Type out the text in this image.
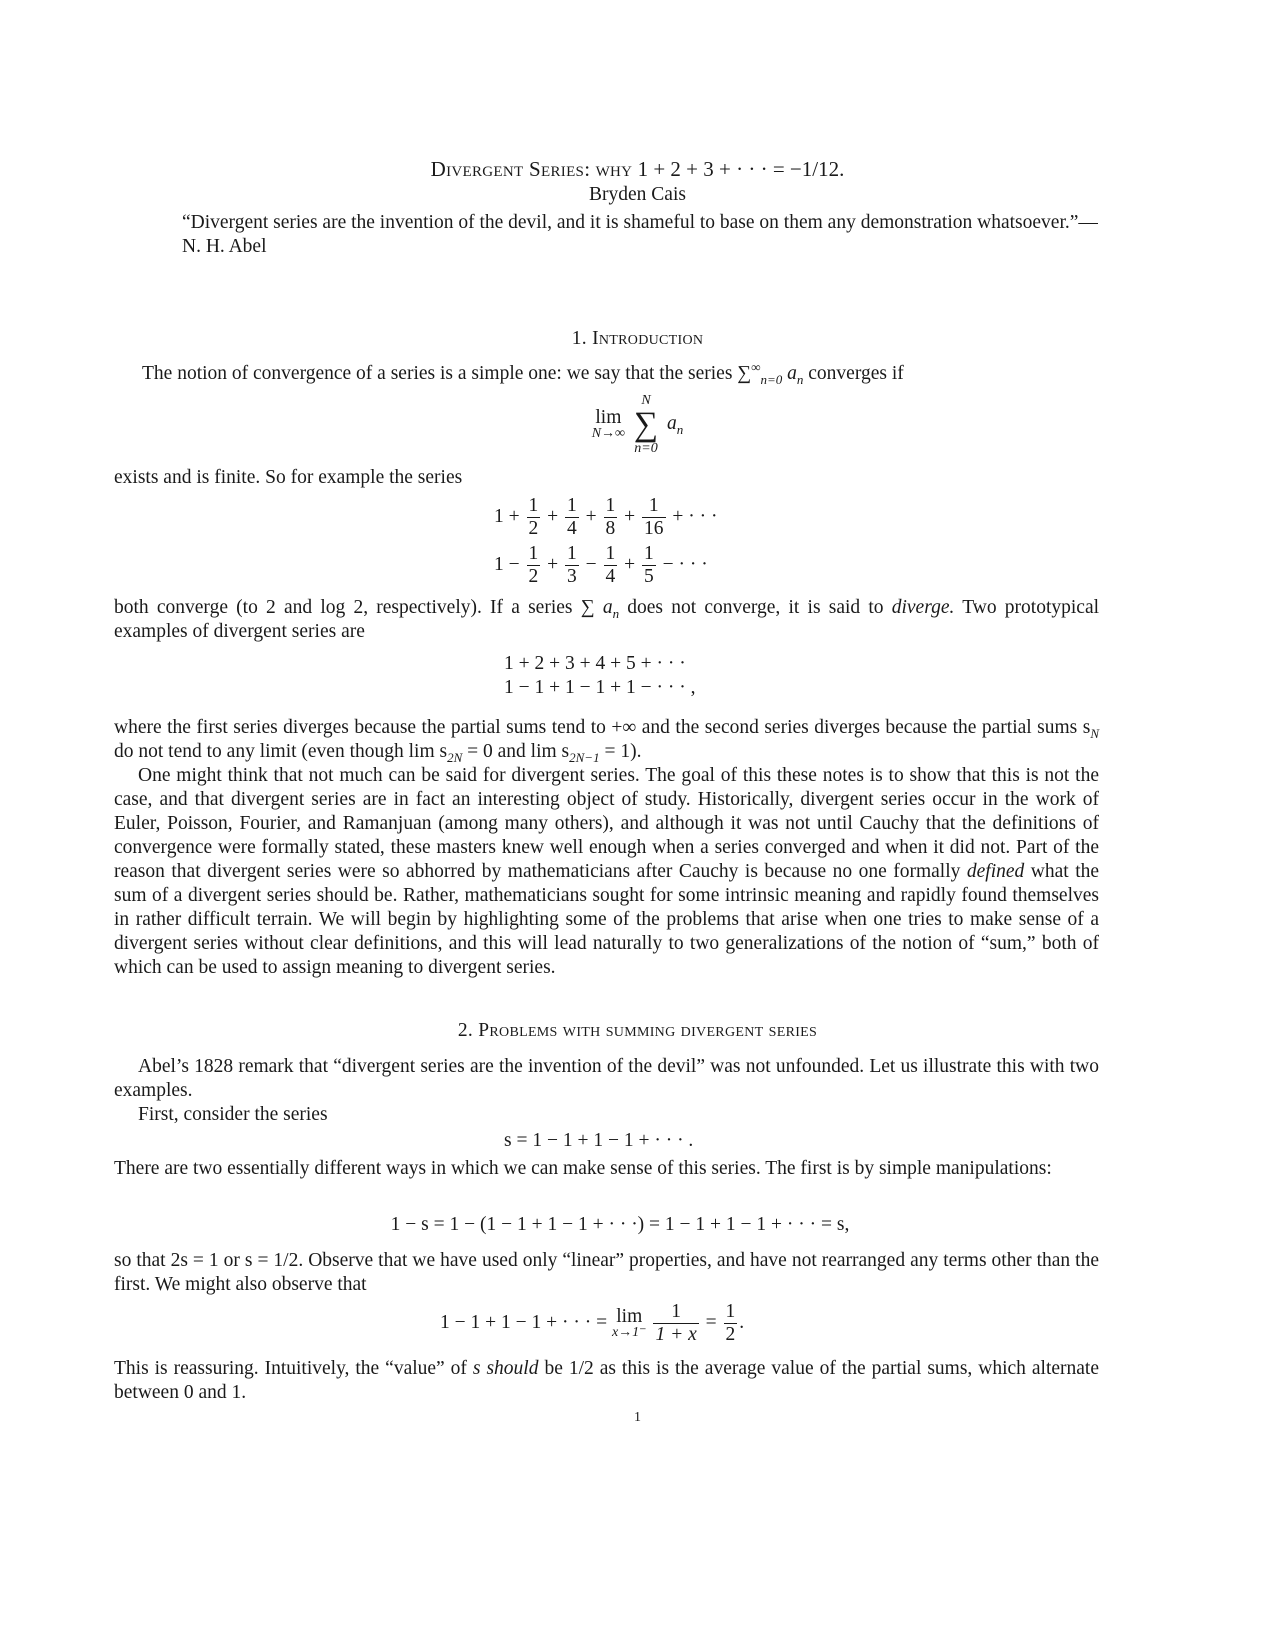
Divergent Series: why 1 + 2 + 3 + · · · = −1/12.
Bryden Cais
“Divergent series are the invention of the devil, and it is shameful to base on them any demonstration whatsoever.”—N. H. Abel
1. Introduction
The notion of convergence of a series is a simple one: we say that the series $\sum^\infty_{n=0}$ $a_n$ converges if
lim
N→∞

N
∑
n=0
$a_n$
exists and is finite. So for example the series
$1 + \frac{1}{2} + \frac{1}{4} + \frac{1}{8} + \frac{1}{16}$ + · · ·
$1 - \frac{1}{2} + \frac{1}{3} - \frac{1}{4} + \frac{1}{5}$ − · · ·
both converge (to 2 and log 2, respectively). If a series ∑ $a_n$ does not converge, it is said to diverge. Two prototypical examples of divergent series are
1 + 2 + 3 + 4 + 5 + · · ·
1 − 1 + 1 − 1 + 1 − · · · ,
where the first series diverges because the partial sums tend to +∞ and the second series diverges because the partial sums $s_N$ do not tend to any limit (even though $\lim s_{2N} = 0$ and $\lim s_{2N-1} = 1$).
One might think that not much can be said for divergent series. The goal of this these notes is to show that this is not the case, and that divergent series are in fact an interesting object of study. Historically, divergent series occur in the work of Euler, Poisson, Fourier, and Ramanjuan (among many others), and although it was not until Cauchy that the definitions of convergence were formally stated, these masters knew well enough when a series converged and when it did not. Part of the reason that divergent series were so abhorred by mathematicians after Cauchy is because no one formally defined what the sum of a divergent series should be. Rather, mathematicians sought for some intrinsic meaning and rapidly found themselves in rather difficult terrain. We will begin by highlighting some of the problems that arise when one tries to make sense of a divergent series without clear definitions, and this will lead naturally to two generalizations of the notion of “sum,” both of which can be used to assign meaning to divergent series.
2. Problems with summing divergent series
Abel’s 1828 remark that “divergent series are the invention of the devil” was not unfounded. Let us illustrate this with two examples.
First, consider the series
s = 1 − 1 + 1 − 1 + · · · .
There are two essentially different ways in which we can make sense of this series. The first is by simple manipulations:
1 − s = 1 − (1 − 1 + 1 − 1 + · · ·) = 1 − 1 + 1 − 1 + · · · = s,
so that 2s = 1 or s = 1/2. Observe that we have used only “linear” properties, and have not rearranged any terms other than the first. We might also observe that
1 − 1 + 1 − 1 + · · · = lim
x→1⁻
$\frac{1}{1 + x} = \frac{1}{2}$ .
This is reassuring. Intuitively, the “value” of s should be 1/2 as this is the average value of the partial sums, which alternate between 0 and 1.
1
